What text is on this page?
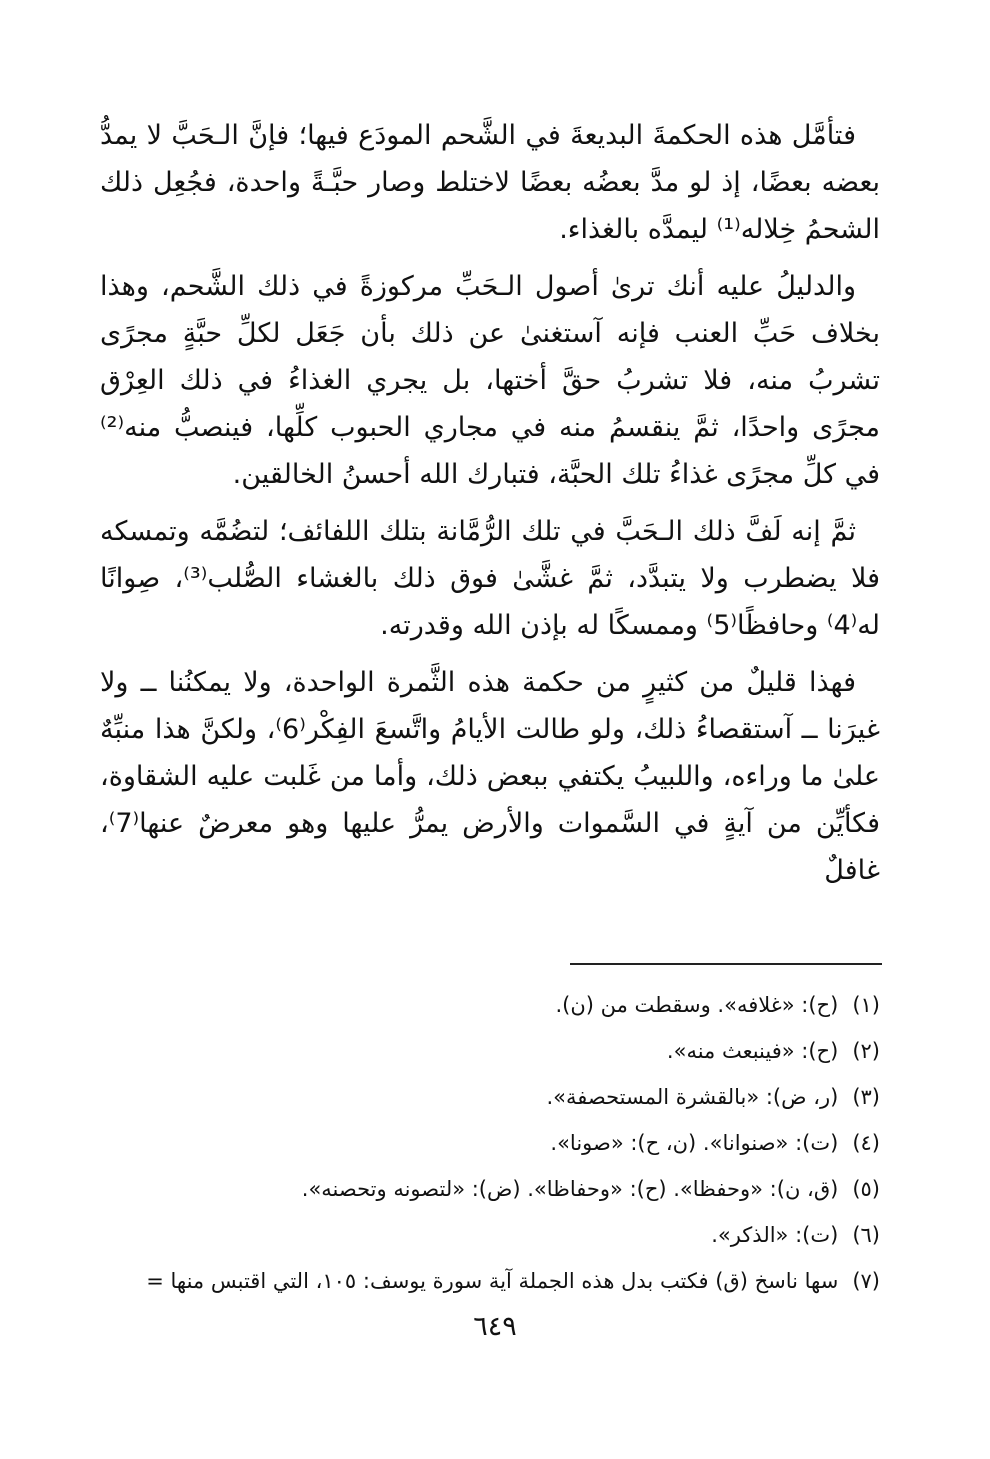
فتأمَّل هذه الحكمةَ البديعةَ في الشَّحم المودَع فيها؛ فإنَّ الـحَبَّ لا يمدُّ بعضه بعضًا، إذ لو مدَّ بعضُه بعضًا لاختلط وصار حبَّـةً واحدة، فجُعِل ذلك الشحمُ خِلاله⁽¹⁾ ليمدَّه بالغذاء.

والدليلُ عليه أنك ترىٰ أصول الـحَبِّ مركوزةً في ذلك الشَّحم، وهذا بخلاف حَبِّ العنب فإنه آستغنىٰ عن ذلك بأن جَعَل لكلِّ حبَّةٍ مجرًى تشربُ منه، فلا تشربُ حقَّ أختها، بل يجري الغذاءُ في ذلك العِرْق مجرًى واحدًا، ثمَّ ينقسمُ منه في مجاري الحبوب كلِّها، فينصبُّ منه⁽²⁾ في كلِّ مجرًى غذاءُ تلك الحبَّة، فتبارك الله أحسنُ الخالقين.

ثمَّ إنه لَفَّ ذلك الـحَبَّ في تلك الرُّمَّانة بتلك اللفائف؛ لتضُمَّه وتمسكه فلا يضطرب ولا يتبدَّد، ثمَّ غشَّىٰ فوق ذلك بالغشاء الصُّلب⁽³⁾، صِوانًا له⁽4⁾ وحافظًا⁽5⁾ وممسكًا له بإذن الله وقدرته.

فهذا قليلٌ من كثيرٍ من حكمة هذه الثَّمرة الواحدة، ولا يمكنُنا ــ ولا غيرَنا ــ آستقصاءُ ذلك، ولو طالت الأيامُ واتَّسعَ الفِكْر⁽6⁾، ولكنَّ هذا منبِّهٌ علىٰ ما وراءه، واللبيبُ يكتفي ببعض ذلك، وأما من غَلبت عليه الشقاوة، فكأيِّن من آيةٍ في السَّموات والأرض يمرُّ عليها وهو معرضٌ عنها⁽7⁾، غافلٌ

(١)
(ح): «غلافه». وسقطت من (ن).
(٢)
(ح): «فينبعث منه».
(٣)
(ر، ض): «بالقشرة المستحصفة».
(٤)
(ت): «صنوانا». (ن، ح): «صونا».
(٥)
(ق، ن): «وحفظا». (ح): «وحفاظا». (ض): «لتصونه وتحصنه».
(٦)
(ت): «الذكر».
(٧)
سها ناسخ (ق) فكتب بدل هذه الجملة آية سورة يوسف: ١٠٥، التي اقتبس منها =
٦٤٩
